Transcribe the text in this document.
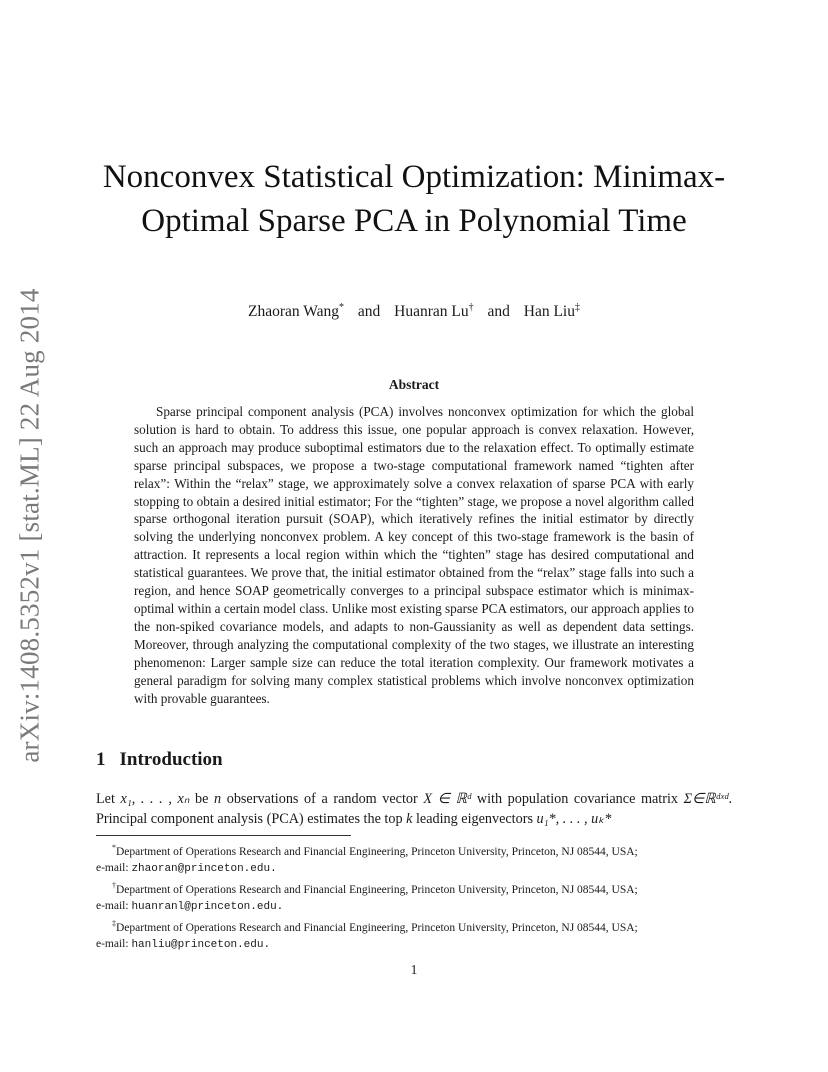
arXiv:1408.5352v1 [stat.ML] 22 Aug 2014
Nonconvex Statistical Optimization: Minimax-Optimal Sparse PCA in Polynomial Time
Zhaoran Wang* and Huanran Lu† and Han Liu‡
Abstract
Sparse principal component analysis (PCA) involves nonconvex optimization for which the global solution is hard to obtain. To address this issue, one popular approach is convex relaxation. However, such an approach may produce suboptimal estimators due to the relaxation effect. To optimally estimate sparse principal subspaces, we propose a two-stage computational framework named “tighten after relax”: Within the “relax” stage, we approximately solve a convex relaxation of sparse PCA with early stopping to obtain a desired initial estimator; For the “tighten” stage, we propose a novel algorithm called sparse orthogonal iteration pursuit (SOAP), which iteratively refines the initial estimator by directly solving the underlying nonconvex problem. A key concept of this two-stage framework is the basin of attraction. It represents a local region within which the “tighten” stage has desired computational and statistical guarantees. We prove that, the initial estimator obtained from the “relax” stage falls into such a region, and hence SOAP geometrically converges to a principal subspace estimator which is minimax-optimal within a certain model class. Unlike most existing sparse PCA estimators, our approach applies to the non-spiked covariance models, and adapts to non-Gaussianity as well as dependent data settings. Moreover, through analyzing the computational complexity of the two stages, we illustrate an interesting phenomenon: Larger sample size can reduce the total iteration complexity. Our framework motivates a general paradigm for solving many complex statistical problems which involve nonconvex optimization with provable guarantees.
1 Introduction
Let x₁, . . . , xₙ be n observations of a random vector X ∈ ℝᵈ with population covariance matrix Σ∈ℝᵈˣᵈ. Principal component analysis (PCA) estimates the top k leading eigenvectors u₁*, . . . , uₖ*
*Department of Operations Research and Financial Engineering, Princeton University, Princeton, NJ 08544, USA;
e-mail: zhaoran@princeton.edu.
†Department of Operations Research and Financial Engineering, Princeton University, Princeton, NJ 08544, USA;
e-mail: huanranl@princeton.edu.
‡Department of Operations Research and Financial Engineering, Princeton University, Princeton, NJ 08544, USA;
e-mail: hanliu@princeton.edu.
1
